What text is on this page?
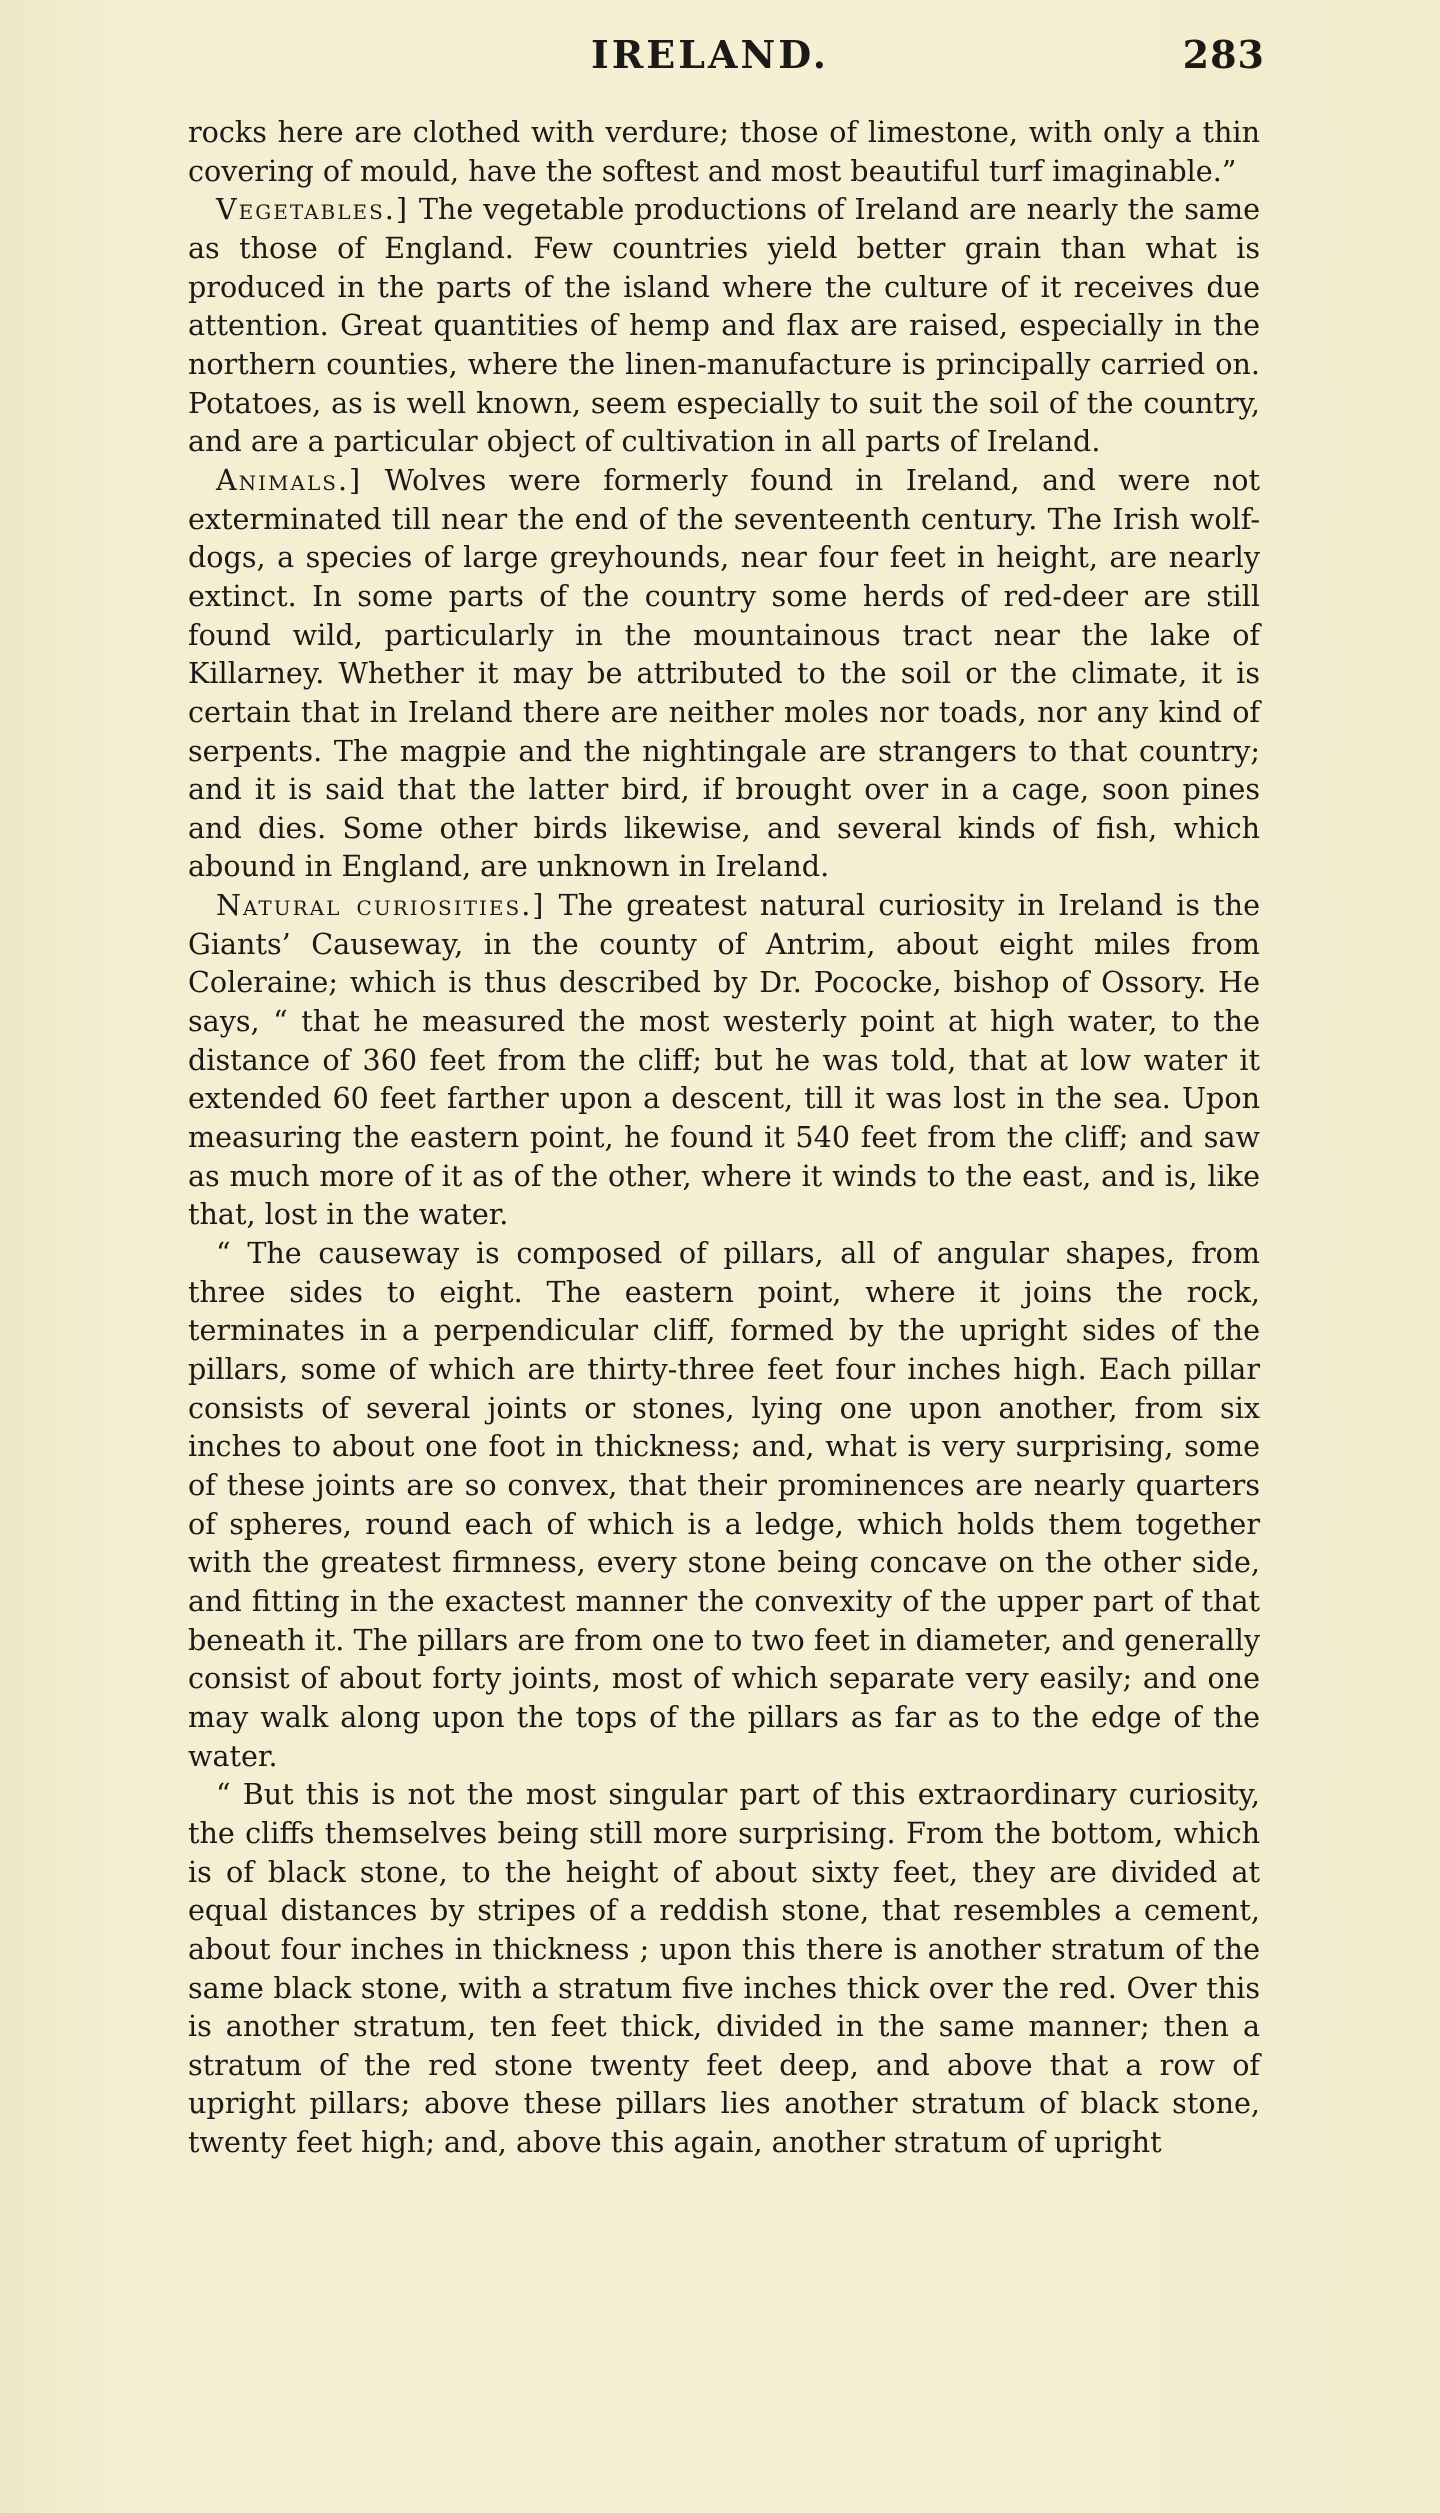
IRELAND.	283

rocks here are clothed with verdure; those of limestone, with only a thin covering of mould, have the softest and most beautiful turf imaginable.”

Vegetables.] The vegetable productions of Ireland are nearly the same as those of England. Few countries yield better grain than what is produced in the parts of the island where the culture of it receives due attention. Great quantities of hemp and flax are raised, especially in the northern counties, where the linen-manufacture is principally carried on. Potatoes, as is well known, seem especially to suit the soil of the country, and are a particular object of cultivation in all parts of Ireland.

Animals.] Wolves were formerly found in Ireland, and were not exterminated till near the end of the seventeenth century. The Irish wolf-dogs, a species of large greyhounds, near four feet in height, are nearly extinct. In some parts of the country some herds of red-deer are still found wild, particularly in the mountainous tract near the lake of Killarney. Whether it may be attributed to the soil or the climate, it is certain that in Ireland there are neither moles nor toads, nor any kind of serpents. The magpie and the nightingale are strangers to that country; and it is said that the latter bird, if brought over in a cage, soon pines and dies. Some other birds likewise, and several kinds of fish, which abound in England, are unknown in Ireland.

Natural curiosities.] The greatest natural curiosity in Ireland is the Giants’ Causeway, in the county of Antrim, about eight miles from Coleraine; which is thus described by Dr. Pococke, bishop of Ossory. He says, “ that he measured the most westerly point at high water, to the distance of 360 feet from the cliff; but he was told, that at low water it extended 60 feet farther upon a descent, till it was lost in the sea. Upon measuring the eastern point, he found it 540 feet from the cliff; and saw as much more of it as of the other, where it winds to the east, and is, like that, lost in the water.

“ The causeway is composed of pillars, all of angular shapes, from three sides to eight. The eastern point, where it joins the rock, terminates in a perpendicular cliff, formed by the upright sides of the pillars, some of which are thirty-three feet four inches high. Each pillar consists of several joints or stones, lying one upon another, from six inches to about one foot in thickness; and, what is very surprising, some of these joints are so convex, that their prominences are nearly quarters of spheres, round each of which is a ledge, which holds them together with the greatest firmness, every stone being concave on the other side, and fitting in the exactest manner the convexity of the upper part of that beneath it. The pillars are from one to two feet in diameter, and generally consist of about forty joints, most of which separate very easily; and one may walk along upon the tops of the pillars as far as to the edge of the water.

“ But this is not the most singular part of this extraordinary curiosity, the cliffs themselves being still more surprising. From the bottom, which is of black stone, to the height of about sixty feet, they are divided at equal distances by stripes of a reddish stone, that resembles a cement, about four inches in thickness ; upon this there is another stratum of the same black stone, with a stratum five inches thick over the red. Over this is another stratum, ten feet thick, divided in the same manner; then a stratum of the red stone twenty feet deep, and above that a row of upright pillars; above these pillars lies another stratum of black stone, twenty feet high; and, above this again, another stratum of upright
